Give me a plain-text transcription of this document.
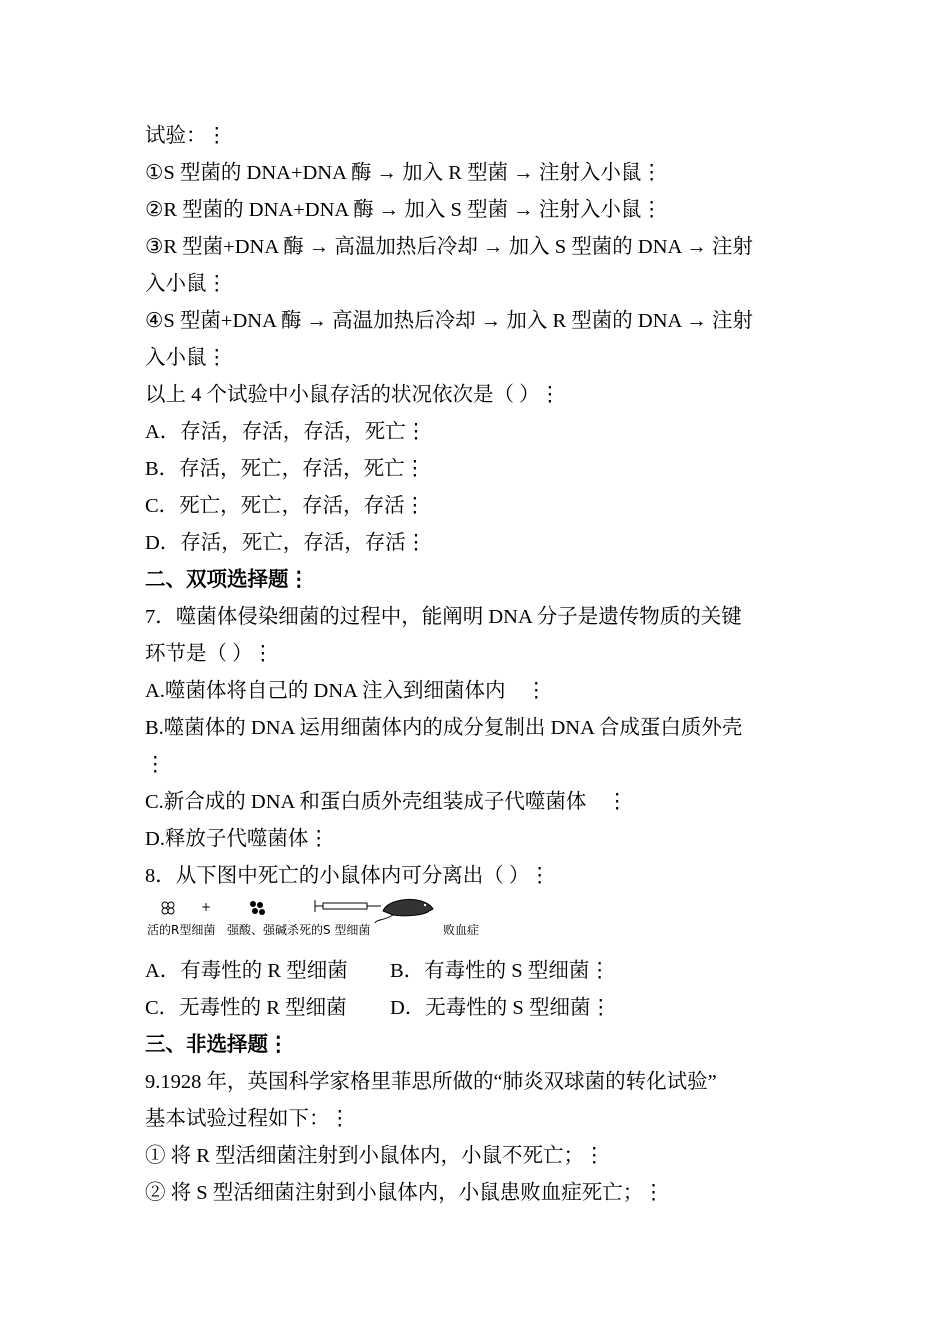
试验：⋮
①S 型菌的 DNA+DNA 酶 → 加入 R 型菌 → 注射入小鼠⋮
②R 型菌的 DNA+DNA 酶 → 加入 S 型菌 → 注射入小鼠⋮
③R 型菌+DNA 酶 → 高温加热后冷却 → 加入 S 型菌的 DNA → 注射
入小鼠⋮
④S 型菌+DNA 酶 → 高温加热后冷却 → 加入 R 型菌的 DNA → 注射
入小鼠⋮
以上 4 个试验中小鼠存活的状况依次是（ ）⋮
A．存活，存活，存活，死亡⋮
B．存活，死亡，存活，死亡⋮
C．死亡，死亡，存活，存活⋮
D．存活，死亡，存活，存活⋮
二、双项选择题⋮
7．噬菌体侵染细菌的过程中，能阐明 DNA 分子是遗传物质的关键
环节是（ ）⋮
A.噬菌体将自己的 DNA 注入到细菌体内　⋮
B.噬菌体的 DNA 运用细菌体内的成分复制出 DNA 合成蛋白质外壳
⋮
C.新合成的 DNA 和蛋白质外壳组装成子代噬菌体　⋮
D.释放子代噬菌体⋮
8．从下图中死亡的小鼠体内可分离出（ ）⋮
+
活的R型细菌 强酸、强碱杀死的S 型细菌	败血症
A．有毒性的 R 型细菌 B．有毒性的 S 型细菌⋮
C．无毒性的 R 型细菌 D．无毒性的 S 型细菌⋮
三、非选择题⋮
9.1928 年，英国科学家格里菲思所做的“肺炎双球菌的转化试验”
基本试验过程如下：⋮
① 将 R 型活细菌注射到小鼠体内，小鼠不死亡；⋮
② 将 S 型活细菌注射到小鼠体内，小鼠患败血症死亡；⋮
